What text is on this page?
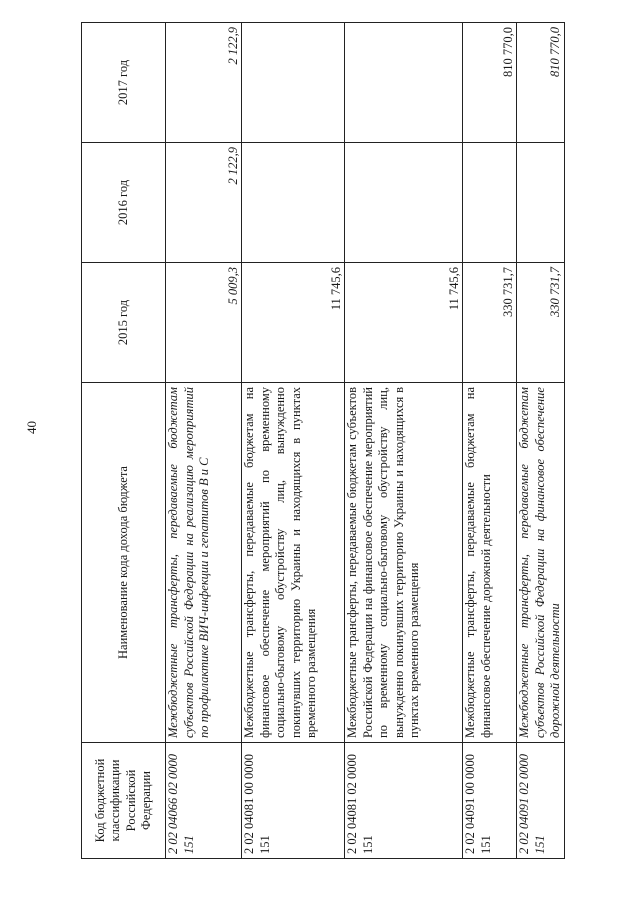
40
Код бюджетной классификации Российской Федерации	Наименование кода дохода бюджета	2015 год	2016 год	2017 год
2 02 04066 02 0000 151	Межбюджетные трансферты, передаваемые бюджетам субъектов Российской Федерации на реализацию мероприятий по профилактике ВИЧ-инфекции и гепатитов B и C	5 009,3	2 122,9	2 122,9
2 02 04081 00 0000 151	Межбюджетные трансферты, передаваемые бюджетам на финансовое обеспечение мероприятий по временному социально-бытовому обустройству лиц, вынужденно покинувших территорию Украины и находящихся в пунктах временного размещения	11 745,6		
2 02 04081 02 0000 151	Межбюджетные трансферты, передаваемые бюджетам субъектов Российской Федерации на финансовое обеспечение мероприятий по временному социально-бытовому обустройству лиц, вынужденно покинувших территорию Украины и находящихся в пунктах временного размещения	11 745,6		
2 02 04091 00 0000 151	Межбюджетные трансферты, передаваемые бюджетам на финансовое обеспечение дорожной деятельности	330 731,7		810 770,0
2 02 04091 02 0000 151	Межбюджетные трансферты, передаваемые бюджетам субъектов Российской Федерации на финансовое обеспечение дорожной деятельности	330 731,7		810 770,0
